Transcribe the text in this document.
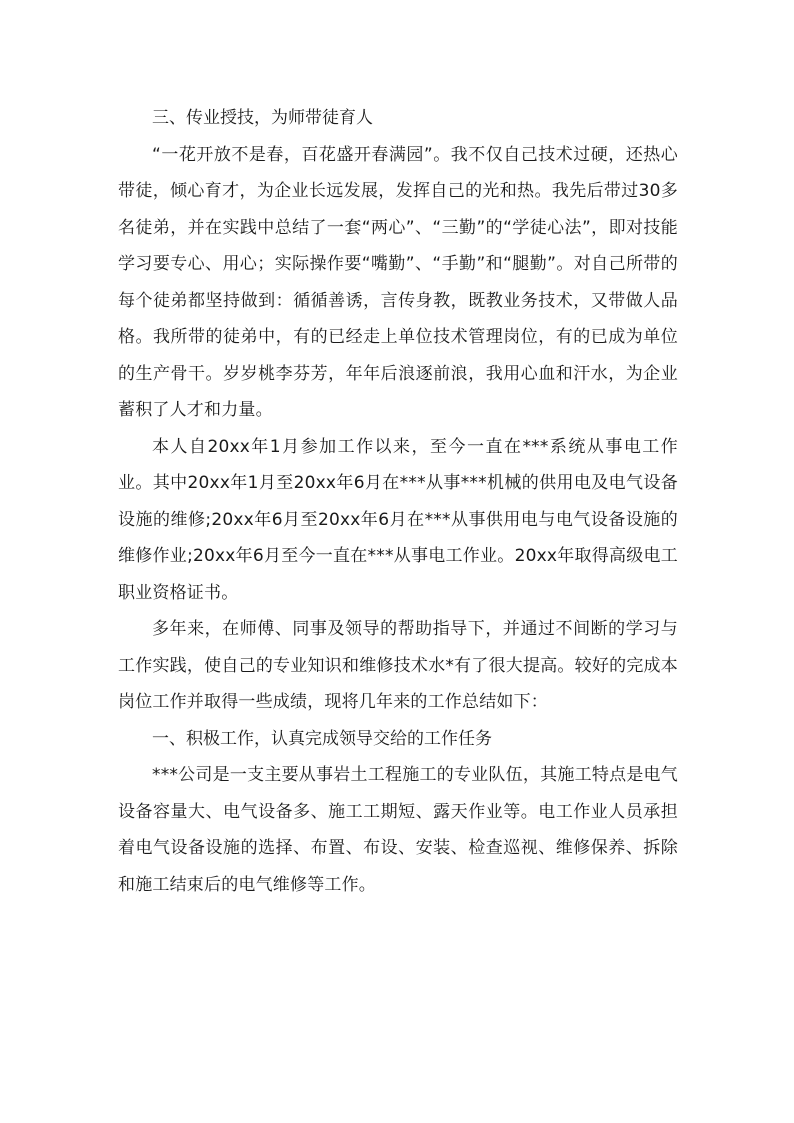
三、传业授技，为师带徒育人

“一花开放不是春，百花盛开春满园”。我不仅自己技术过硬，还热心带徒，倾心育才，为企业长远发展，发挥自己的光和热。我先后带过30多名徒弟，并在实践中总结了一套“两心”、“三勤”的“学徒心法”，即对技能学习要专心、用心；实际操作要“嘴勤”、“手勤”和“腿勤”。对自己所带的每个徒弟都坚持做到：循循善诱，言传身教，既教业务技术，又带做人品格。我所带的徒弟中，有的已经走上单位技术管理岗位，有的已成为单位的生产骨干。岁岁桃李芬芳，年年后浪逐前浪，我用心血和汗水，为企业蓄积了人才和力量。

本人自20xx年1月参加工作以来，至今一直在***系统从事电工作业。其中20xx年1月至20xx年6月在***从事***机械的供用电及电气设备设施的维修;20xx年6月至20xx年6月在***从事供用电与电气设备设施的维修作业;20xx年6月至今一直在***从事电工作业。20xx年取得高级电工职业资格证书。

多年来，在师傅、同事及领导的帮助指导下，并通过不间断的学习与工作实践，使自己的专业知识和维修技术水*有了很大提高。较好的完成本岗位工作并取得一些成绩，现将几年来的工作总结如下：

一、积极工作，认真完成领导交给的工作任务

***公司是一支主要从事岩土工程施工的专业队伍，其施工特点是电气设备容量大、电气设备多、施工工期短、露天作业等。电工作业人员承担着电气设备设施的选择、布置、布设、安装、检查巡视、维修保养、拆除和施工结束后的电气维修等工作。
